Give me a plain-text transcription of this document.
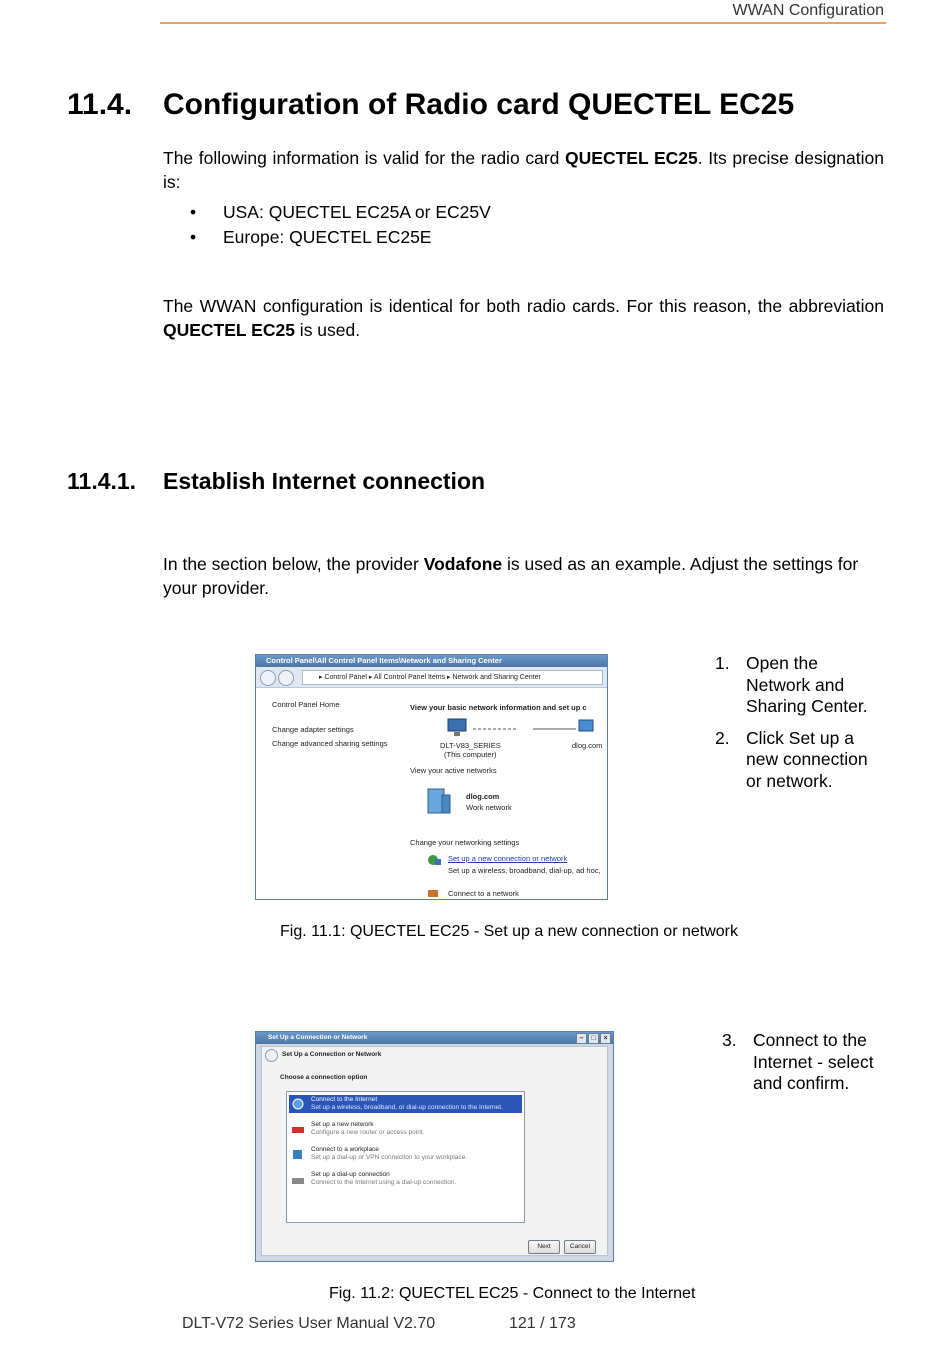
WWAN Configuration
11.4. Configuration of Radio card QUECTEL EC25
The following information is valid for the radio card QUECTEL EC25. Its precise designation is:
•	USA: QUECTEL EC25A or EC25V
•	Europe: QUECTEL EC25E
The WWAN configuration is identical for both radio cards. For this reason, the abbreviation QUECTEL EC25 is used.
11.4.1. Establish Internet connection
In the section below, the provider Vodafone is used as an example. Adjust the settings for your provider.
Control Panel\All Control Panel Items\Network and Sharing Center
▸ Control Panel ▸ All Control Panel Items ▸ Network and Sharing Center
Control Panel Home
Change adapter settings
Change advanced sharing settings
View your basic network information and set up c
DLT-V83_SERIES
(This computer)
dlog.com
View your active networks
dlog.com
Work network
Change your networking settings
Set up a new connection or network
Set up a wireless, broadband, dial-up, ad hoc,
Connect to a network
1. Open the Network and Sharing Center.
2. Click Set up a new connection or network.
Fig. 11.1: QUECTEL EC25 - Set up a new connection or network
Set Up a Connection or Network	–	□	×
Set Up a Connection or Network
Choose a connection option
Connect to the Internet
Set up a wireless, broadband, or dial-up connection to the Internet.
Set up a new network
Configure a new router or access point.
Connect to a workplace
Set up a dial-up or VPN connection to your workplace.
Set up a dial-up connection
Connect to the Internet using a dial-up connection.
Next	Cancel
3. Connect to the Internet - select and confirm.
Fig. 11.2: QUECTEL EC25 - Connect to the Internet
DLT-V72 Series User Manual V2.70	121 / 173
